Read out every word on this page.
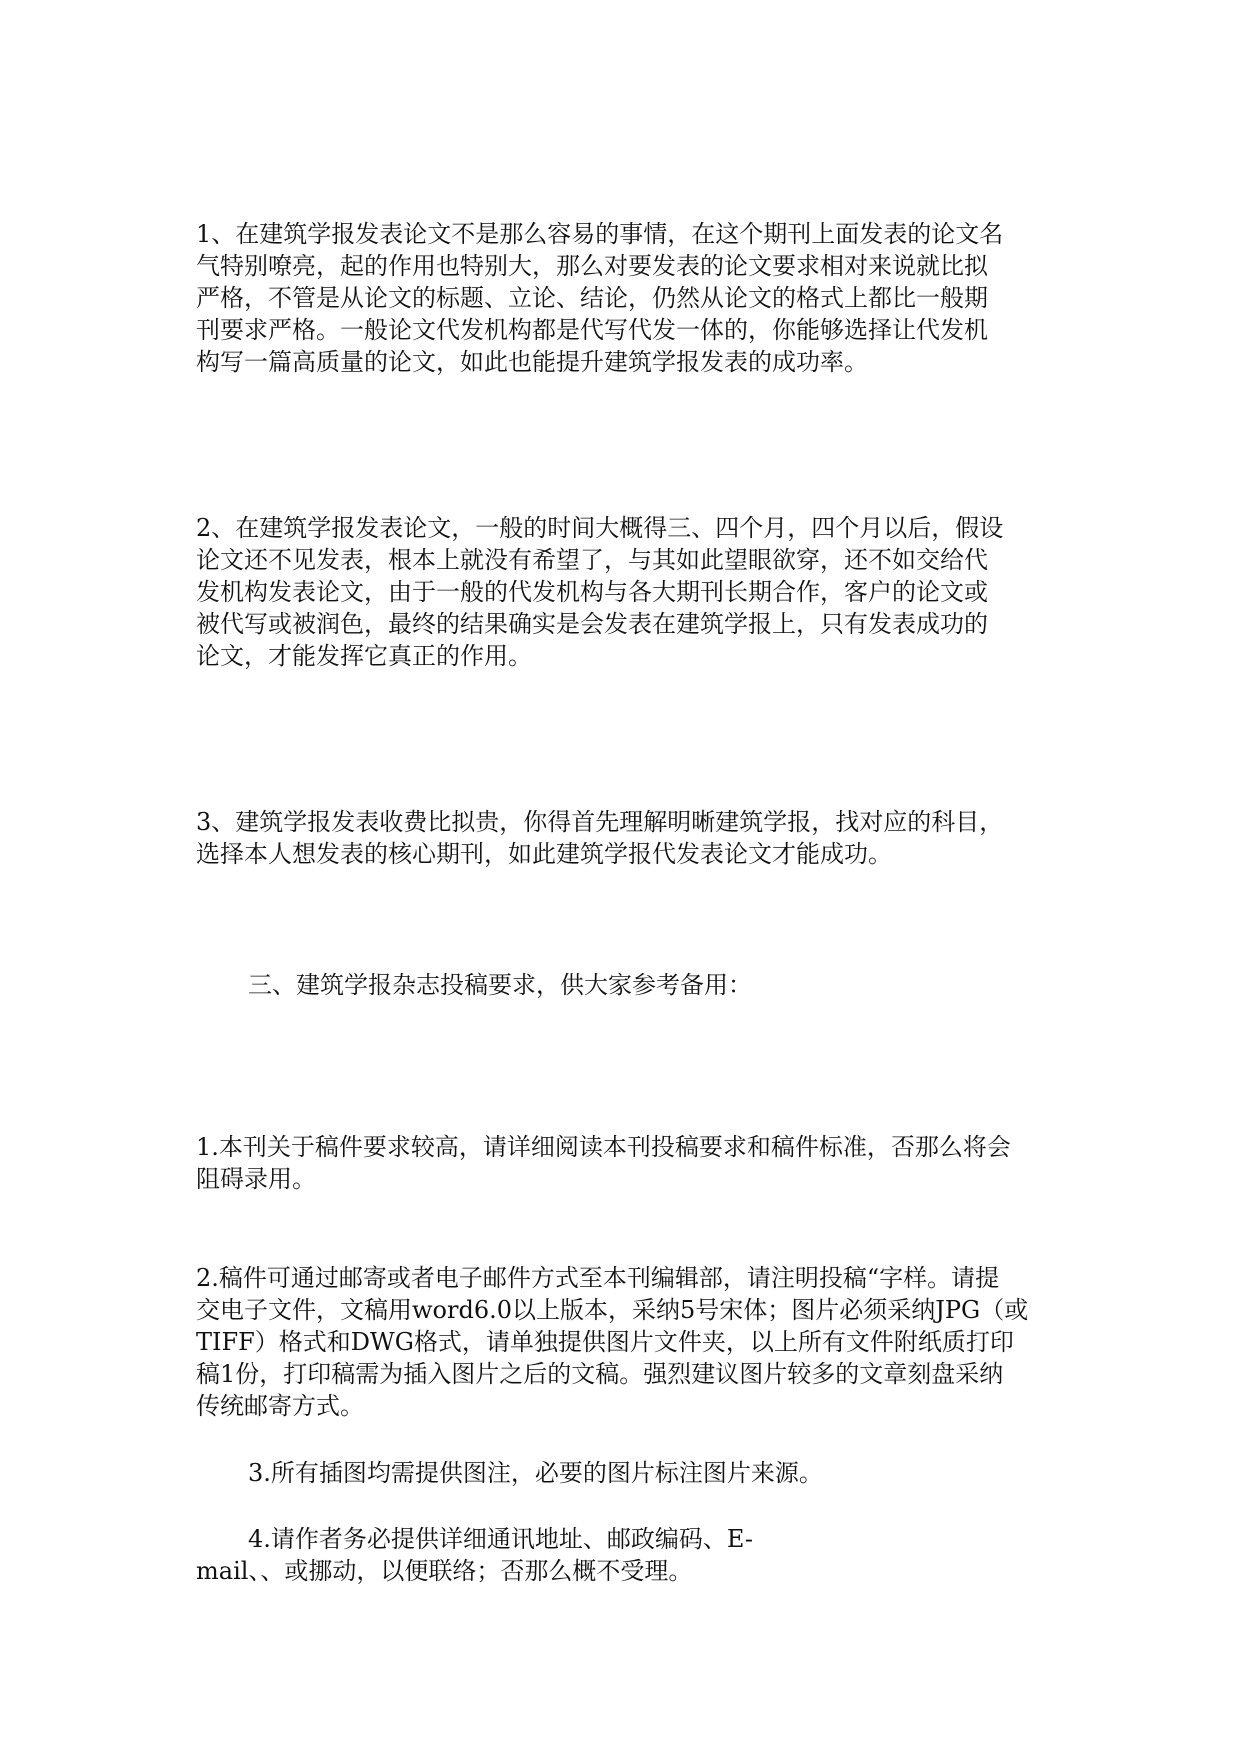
1、在建筑学报发表论文不是那么容易的事情，在这个期刊上面发表的论文名
气特别嘹亮，起的作用也特别大，那么对要发表的论文要求相对来说就比拟
严格，不管是从论文的标题、立论、结论，仍然从论文的格式上都比一般期
刊要求严格。一般论文代发机构都是代写代发一体的，你能够选择让代发机
构写一篇高质量的论文，如此也能提升建筑学报发表的成功率。

2、在建筑学报发表论文，一般的时间大概得三、四个月，四个月以后，假设
论文还不见发表，根本上就没有希望了，与其如此望眼欲穿，还不如交给代
发机构发表论文，由于一般的代发机构与各大期刊长期合作，客户的论文或
被代写或被润色，最终的结果确实是会发表在建筑学报上，只有发表成功的
论文，才能发挥它真正的作用。

3、建筑学报发表收费比拟贵，你得首先理解明晰建筑学报，找对应的科目，
选择本人想发表的核心期刊，如此建筑学报代发表论文才能成功。

三、建筑学报杂志投稿要求，供大家参考备用：

1.本刊关于稿件要求较高，请详细阅读本刊投稿要求和稿件标准，否那么将会
阻碍录用。

2.稿件可通过邮寄或者电子邮件方式至本刊编辑部，请注明投稿“字样。请提
交电子文件，文稿用word6.0以上版本，采纳5号宋体；图片必须采纳JPG（或
TIFF）格式和DWG格式，请单独提供图片文件夹，以上所有文件附纸质打印
稿1份，打印稿需为插入图片之后的文稿。强烈建议图片较多的文章刻盘采纳
传统邮寄方式。

3.所有插图均需提供图注，必要的图片标注图片来源。

4.请作者务必提供详细通讯地址、邮政编码、E-
mail、、或挪动，以便联络；否那么概不受理。
